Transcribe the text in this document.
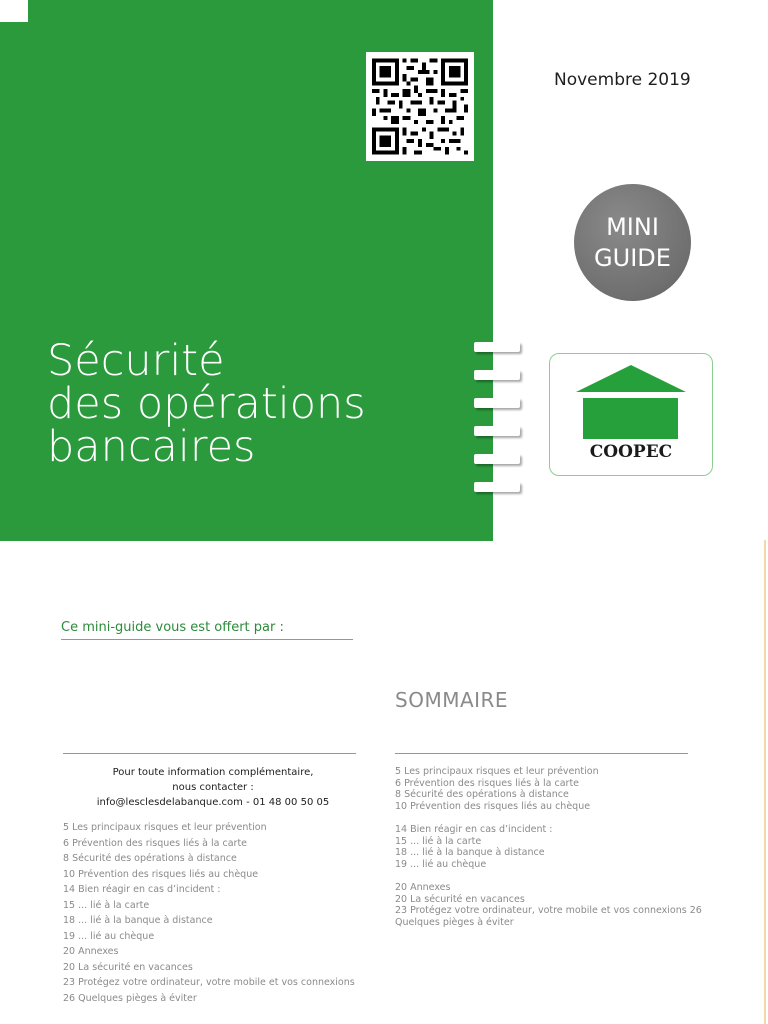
Novembre 2019
MINI
GUIDE
Sécurité
des opérations
bancaires	COOPEC
Ce mini-guide vous est offert par :
SOMMAIRE
Pour toute information complémentaire,
nous contacter :
info@lesclesdelabanque.com - 01 48 00 50 05
5 Les principaux risques et leur prévention
6 Prévention des risques liés à la carte
8 Sécurité des opérations à distance
10 Prévention des risques liés au chèque
14 Bien réagir en cas d’incident :
15 ... lié à la carte
18 ... lié à la banque à distance
19 ... lié au chèque
20 Annexes
20 La sécurité en vacances
23 Protégez votre ordinateur, votre mobile et vos connexions
26 Quelques pièges à éviter
5 Les principaux risques et leur prévention
6 Prévention des risques liés à la carte
8 Sécurité des opérations à distance
10 Prévention des risques liés au chèque
14 Bien réagir en cas d’incident :
15 ... lié à la carte
18 ... lié à la banque à distance
19 ... lié au chèque
20 Annexes
20 La sécurité en vacances
23 Protégez votre ordinateur, votre mobile et vos connexions 26
Quelques pièges à éviter
